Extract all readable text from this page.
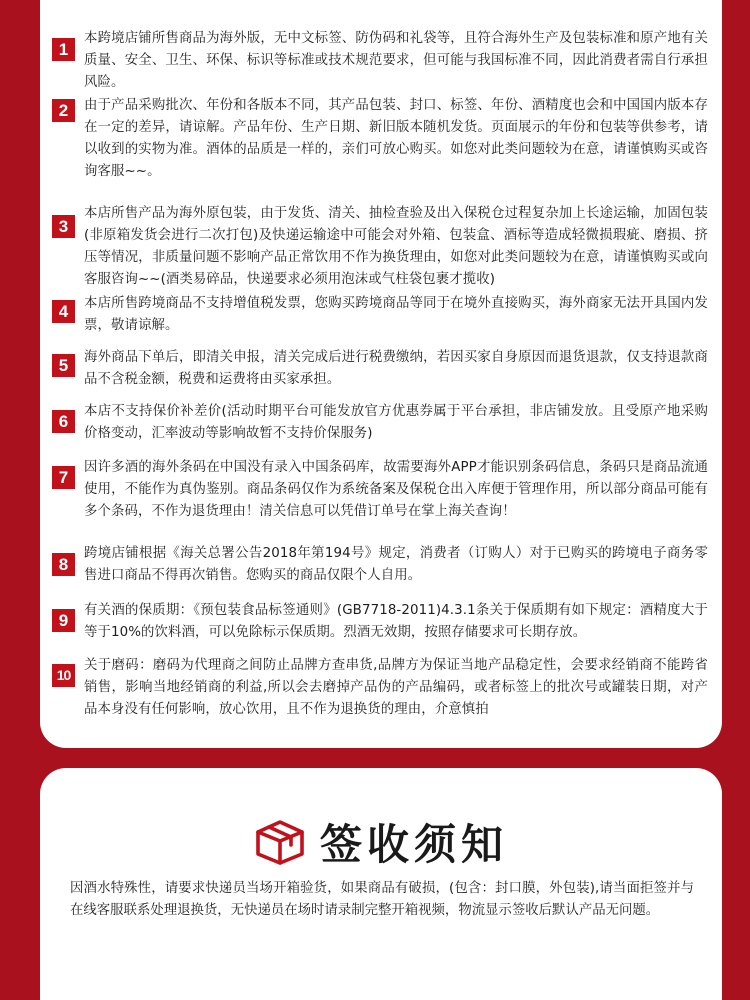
1
本跨境店铺所售商品为海外版，无中文标签、防伪码和礼袋等，且符合海外生产及包装标准和原产地有关质量、安全、卫生、环保、标识等标准或技术规范要求，但可能与我国标准不同，因此消费者需自行承担风险。
2	由于产品采购批次、年份和各版本不同，其产品包装、封口、标签、年份、酒精度也会和中国国内版本存在一定的差异，请谅解。产品年份、生产日期、新旧版本随机发货。页面展示的年份和包装等供参考，请以收到的实物为准。酒体的品质是一样的，亲们可放心购买。如您对此类问题较为在意，请谨慎购买或咨询客服~~。
3
本店所售产品为海外原包装，由于发货、清关、抽检查验及出入保税仓过程复杂加上长途运输，加固包装(非原箱发货会进行二次打包)及快递运输途中可能会对外箱、包装盒、酒标等造成轻微损瑕疵、磨损、挤压等情况，非质量问题不影响产品正常饮用不作为换货理由，如您对此类问题较为在意，请谨慎购买或向客服咨询~~(酒类易碎品，快递要求必须用泡沫或气柱袋包裹才揽收)
4	本店所售跨境商品不支持增值税发票，您购买跨境商品等同于在境外直接购买，海外商家无法开具国内发票，敬请谅解。
5	海外商品下单后，即清关申报，清关完成后进行税费缴纳，若因买家自身原因而退货退款，仅支持退款商品不含税金额，税费和运费将由买家承担。
6
本店不支持保价补差价(活动时期平台可能发放官方优惠券属于平台承担，非店铺发放。且受原产地采购价格变动，汇率波动等影响故暂不支持价保服务)
7
因许多酒的海外条码在中国没有录入中国条码库，故需要海外APP才能识别条码信息，条码只是商品流通使用，不能作为真伪鉴别。商品条码仅作为系统备案及保税仓出入库便于管理作用，所以部分商品可能有多个条码，不作为退货理由！清关信息可以凭借订单号在掌上海关查询！
8
跨境店铺根据《海关总署公告2018年第194号》规定，消费者（订购人）对于已购买的跨境电子商务零售进口商品不得再次销售。您购买的商品仅限个人自用。
9
有关酒的保质期：《预包装食品标签通则》(GB7718-2011)4.3.1条关于保质期有如下规定：酒精度大于等于10%的饮料酒，可以免除标示保质期。烈酒无效期，按照存储要求可长期存放。
10
关于磨码：磨码为代理商之间防止品牌方查串货,品牌方为保证当地产品稳定性，会要求经销商不能跨省销售，影响当地经销商的利益,所以会去磨掉产品伪的产品编码，或者标签上的批次号或罐装日期，对产品本身没有任何影响，放心饮用，且不作为退换货的理由，介意慎拍
签收须知
因酒水特殊性，请要求快递员当场开箱验货，如果商品有破损，(包含：封口膜，外包装),请当面拒签并与在线客服联系处理退换货，无快递员在场时请录制完整开箱视频，物流显示签收后默认产品无问题。
